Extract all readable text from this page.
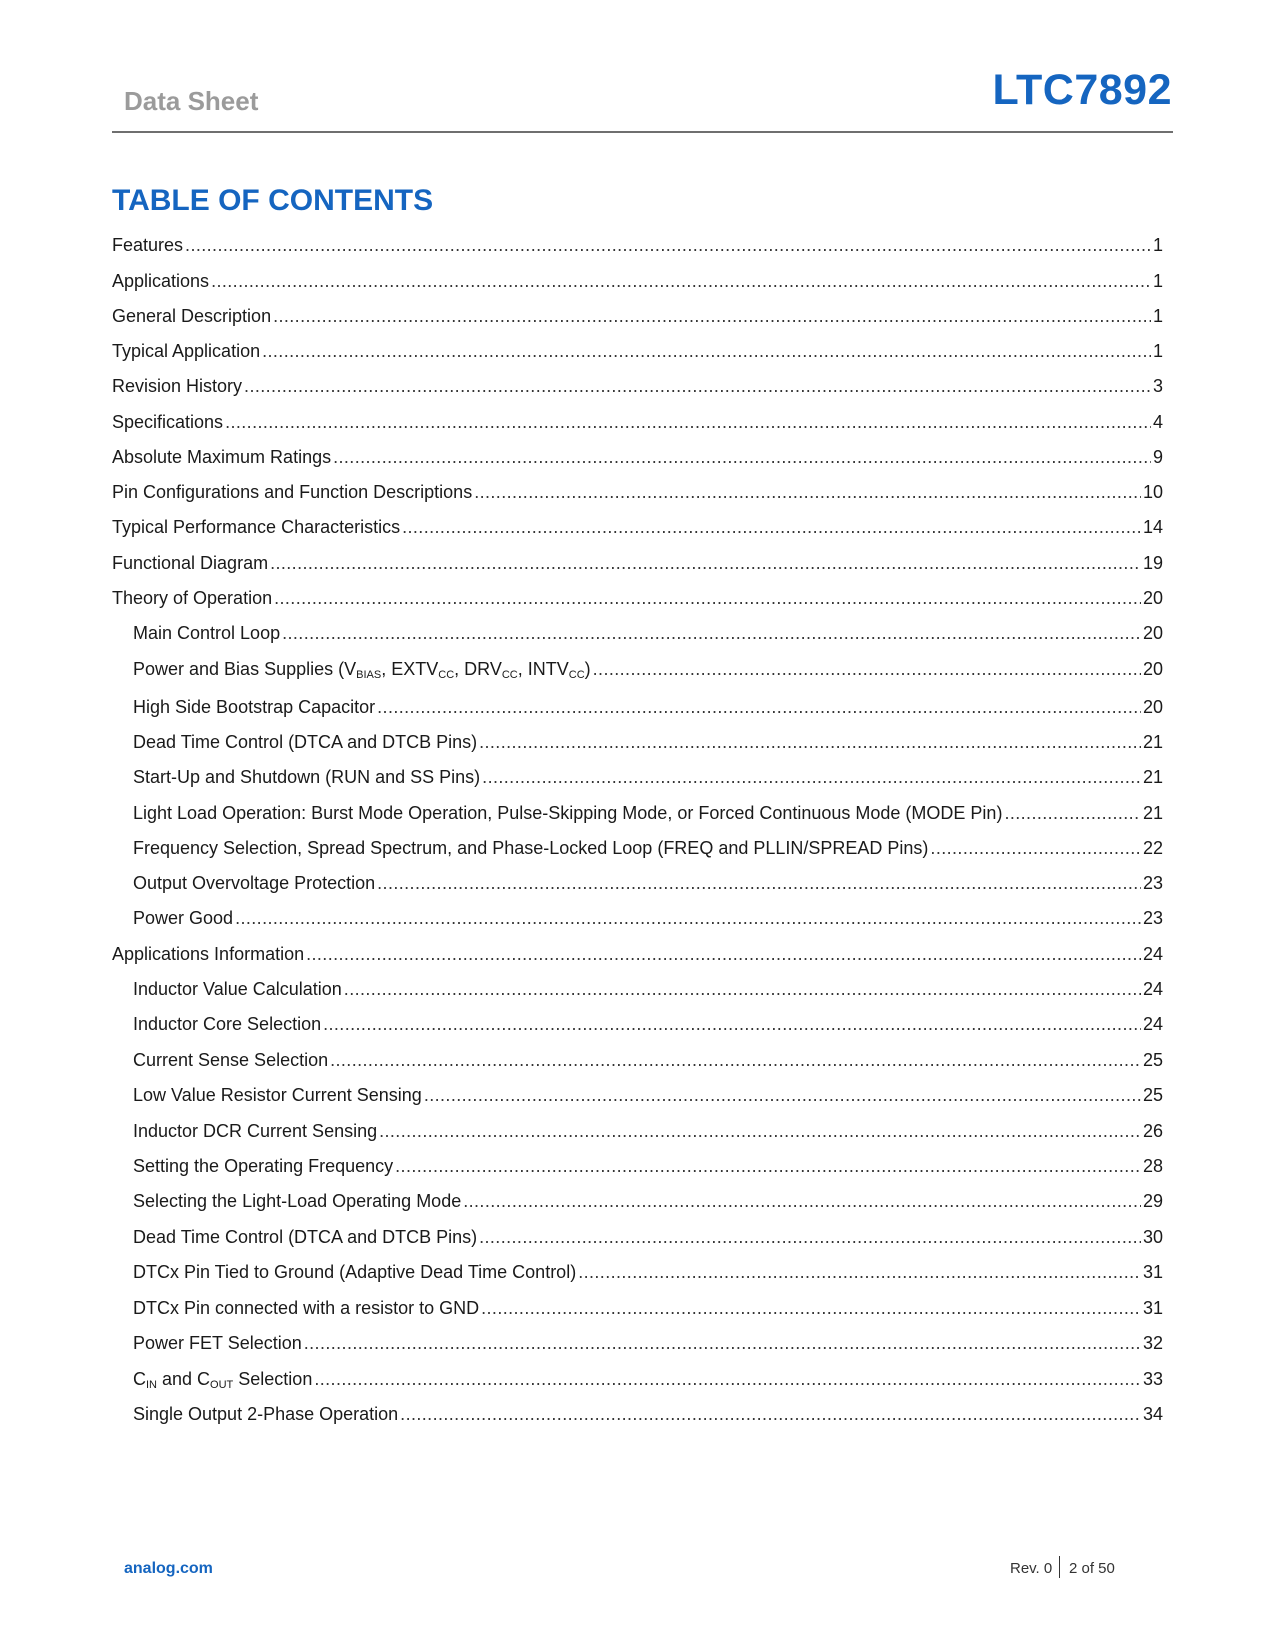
Data Sheet	LTC7892
TABLE OF CONTENTS
Features .....	1
Applications .....	1
General Description .....	1
Typical Application .....	1
Revision History .....	3
Specifications .....	4
Absolute Maximum Ratings .....	9
Pin Configurations and Function Descriptions .....	10
Typical Performance Characteristics .....	14
Functional Diagram .....	19
Theory of Operation .....	20
Main Control Loop .....	20
Power and Bias Supplies ($V_{BIAS}$, $EXTV_{CC}$, $DRV_{CC}$, $INTV_{CC}$) .....	20
High Side Bootstrap Capacitor .....	20
Dead Time Control (DTCA and DTCB Pins) .....	21
Start-Up and Shutdown (RUN and SS Pins) .....	21
Light Load Operation: Burst Mode Operation, Pulse-Skipping Mode, or Forced Continuous Mode (MODE Pin) .....	21
Frequency Selection, Spread Spectrum, and Phase-Locked Loop (FREQ and PLLIN/SPREAD Pins) .....	22
Output Overvoltage Protection .....	23
Power Good .....	23
Applications Information .....	24
Inductor Value Calculation .....	24
Inductor Core Selection .....	24
Current Sense Selection .....	25
Low Value Resistor Current Sensing .....	25
Inductor DCR Current Sensing .....	26
Setting the Operating Frequency .....	28
Selecting the Light-Load Operating Mode .....	29
Dead Time Control (DTCA and DTCB Pins) .....	30
DTCx Pin Tied to Ground (Adaptive Dead Time Control) .....	31
DTCx Pin connected with a resistor to GND .....	31
Power FET Selection .....	32
$C_{IN}$ and $C_{OUT}$ Selection .....	33
Single Output 2-Phase Operation .....	34
analog.com	Rev. 0 2 of 50
